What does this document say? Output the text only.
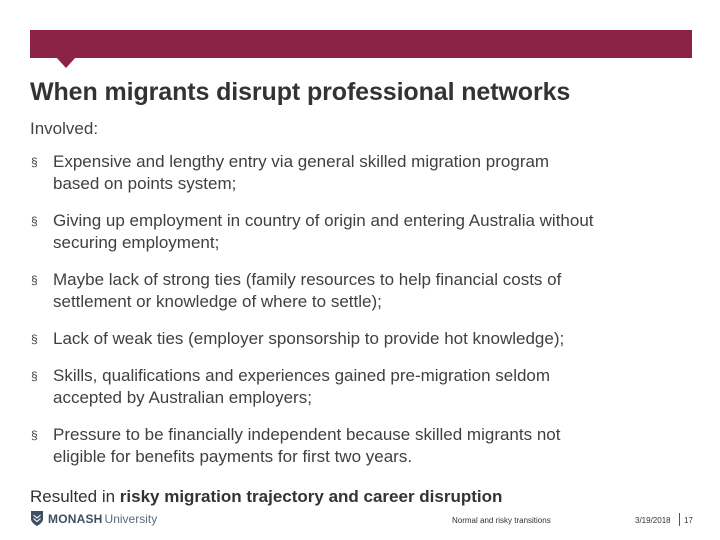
When migrants disrupt professional networks
Involved:
§ Expensive and lengthy entry via general skilled migration program
based on points system;
§ Giving up employment in country of origin and entering Australia without
securing employment;
§ Maybe lack of strong ties (family resources to help financial costs of
settlement or knowledge of where to settle);
§ Lack of weak ties (employer sponsorship to provide hot knowledge);
§ Skills, qualifications and experiences gained pre-migration seldom
accepted by Australian employers;
§ Pressure to be financially independent because skilled migrants not
eligible for benefits payments for first two years.
Resulted in risky migration trajectory and career disruption
MONASH University	Normal and risky transitions	3/19/2018 17
